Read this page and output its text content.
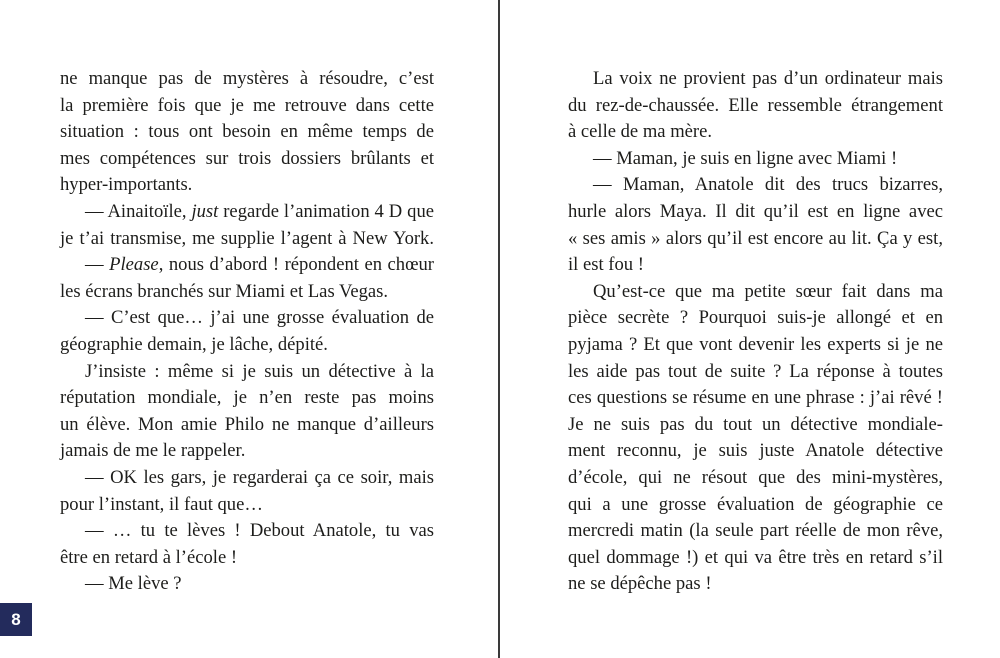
ne manque pas de mystères à résoudre, c’est
la première fois que je me retrouve dans cette
situation : tous ont besoin en même temps de
mes compétences sur trois dossiers brûlants et
hyper-importants.
— Ainaitoïle, just regarde l’animation 4 D que
je t’ai transmise, me supplie l’agent à New York.
— Please, nous d’abord ! répondent en chœur
les écrans branchés sur Miami et Las Vegas.
— C’est que… j’ai une grosse évaluation de
géographie demain, je lâche, dépité.
J’insiste : même si je suis un détective à la
réputation mondiale, je n’en reste pas moins
un élève. Mon amie Philo ne manque d’ailleurs
jamais de me le rappeler.
— OK les gars, je regarderai ça ce soir, mais
pour l’instant, il faut que…
— … tu te lèves ! Debout Anatole, tu vas
être en retard à l’école !
— Me lève ?
La voix ne provient pas d’un ordinateur mais
du rez-de-chaussée. Elle ressemble étrangement
à celle de ma mère.
— Maman, je suis en ligne avec Miami !
— Maman, Anatole dit des trucs bizarres,
hurle alors Maya. Il dit qu’il est en ligne avec
« ses amis » alors qu’il est encore au lit. Ça y est,
il est fou !
Qu’est-ce que ma petite sœur fait dans ma
pièce secrète ? Pourquoi suis-je allongé et en
pyjama ? Et que vont devenir les experts si je ne
les aide pas tout de suite ? La réponse à toutes
ces questions se résume en une phrase : j’ai rêvé !
Je ne suis pas du tout un détective mondiale-
ment reconnu, je suis juste Anatole détective
d’école, qui ne résout que des mini-mystères,
qui a une grosse évaluation de géographie ce
mercredi matin (la seule part réelle de mon rêve,
quel dommage !) et qui va être très en retard s’il
ne se dépêche pas !
8
